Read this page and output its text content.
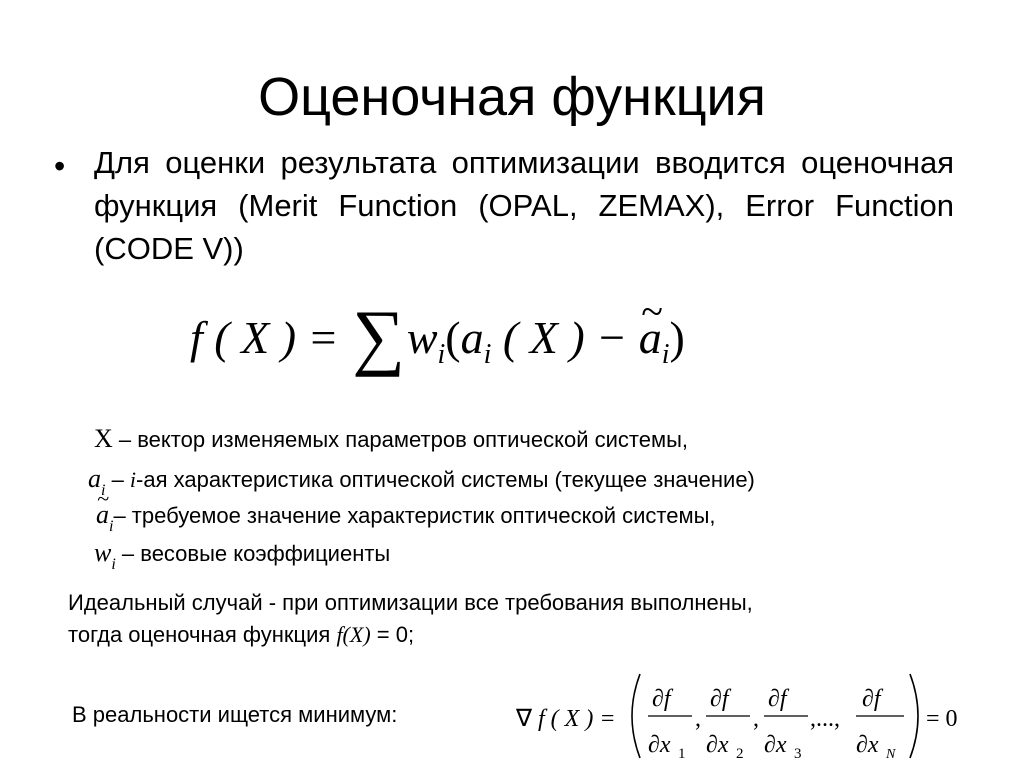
Оценочная функция
• Для оценки результата оптимизации вводится оценочная функция (Merit Function (OPAL, ZEMAX), Error Function (CODE V))
f ( X ) = $\sum w_i(a_i$ ( X ) − ~ $a_i$)
X – вектор изменяемых параметров оптической системы,
$a_i - i-ая$ характеристика оптической системы (текущее значение)
~ $a_i-$ требуемое значение характеристик оптической системы,
$w_i$ – весовые коэффициенты
Идеальный случай - при оптимизации все требования выполнены,
тогда оценочная функция f(X) = 0;
В реальности ищется минимум:	∇ f ( X ) =
∂f
∂x 1
,
∂f
∂x 2
,
∂f
∂x 3
,...,
∂f
∂x N
= 0
